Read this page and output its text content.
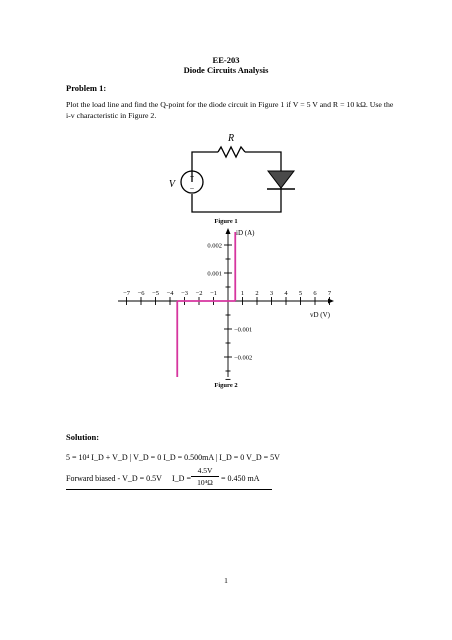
EE-203
Diode Circuits Analysis
Problem 1:
Plot the load line and find the Q-point for the diode circuit in Figure 1 if V = 5 V and R = 10 kΩ. Use the i-v characteristic in Figure 2.
R
+
−
V
Figure 1
−7 −6 −5 −4 −3 −2 −1	1 2 3 4 5 6 7
0.002
0.001
−0.001
−0.002
iD (A)
vD (V)
Figure 2
Solution:
5 = 10⁴ I_D + V_D | V_D = 0 I_D = 0.500mA | I_D = 0 V_D = 5V
Forward biased - V_D = 0.5V I_D =
4.5V
10⁴Ω	= 0.450 mA
1
